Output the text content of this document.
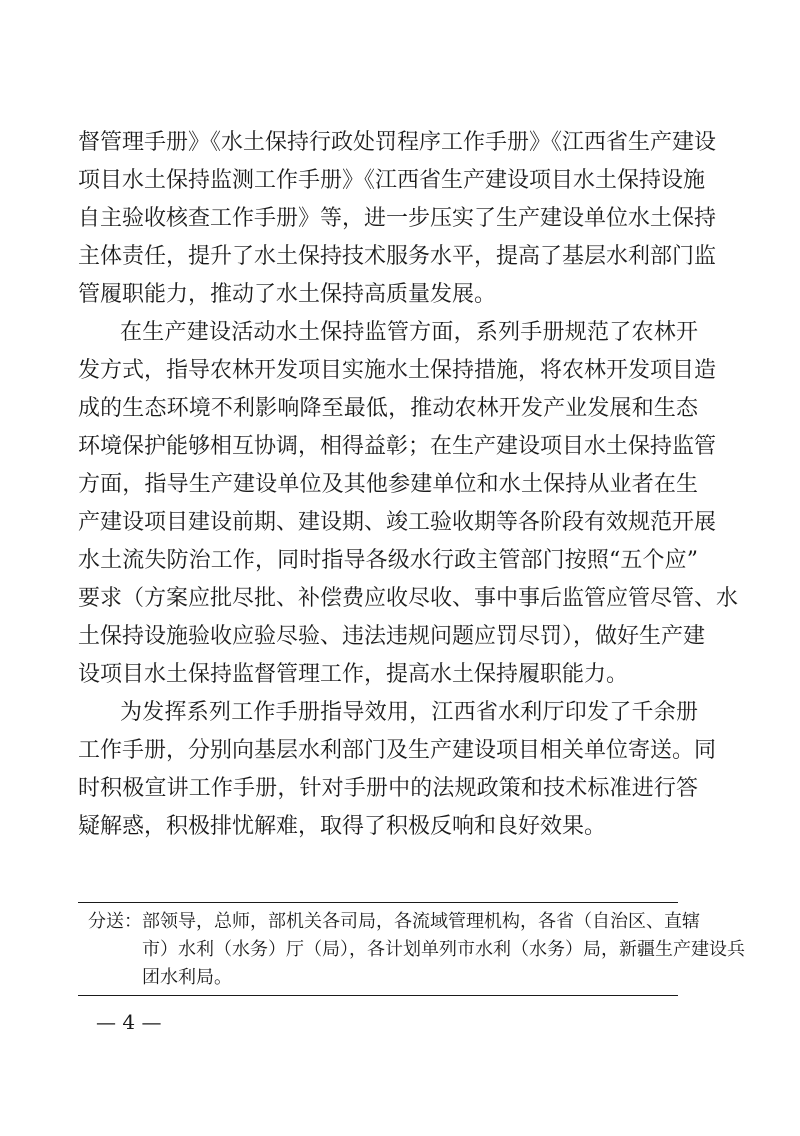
督管理手册》《水土保持行政处罚程序工作手册》《江西省生产建设
项目水土保持监测工作手册》《江西省生产建设项目水土保持设施
自主验收核查工作手册》等，进一步压实了生产建设单位水土保持
主体责任，提升了水土保持技术服务水平，提高了基层水利部门监
管履职能力，推动了水土保持高质量发展。
在生产建设活动水土保持监管方面，系列手册规范了农林开
发方式，指导农林开发项目实施水土保持措施，将农林开发项目造
成的生态环境不利影响降至最低，推动农林开发产业发展和生态
环境保护能够相互协调，相得益彰；在生产建设项目水土保持监管
方面，指导生产建设单位及其他参建单位和水土保持从业者在生
产建设项目建设前期、建设期、竣工验收期等各阶段有效规范开展
水土流失防治工作，同时指导各级水行政主管部门按照“五个应”
要求（方案应批尽批、补偿费应收尽收、事中事后监管应管尽管、水
土保持设施验收应验尽验、违法违规问题应罚尽罚），做好生产建
设项目水土保持监督管理工作，提高水土保持履职能力。
为发挥系列工作手册指导效用，江西省水利厅印发了千余册
工作手册，分别向基层水利部门及生产建设项目相关单位寄送。同
时积极宣讲工作手册，针对手册中的法规政策和技术标准进行答
疑解惑，积极排忧解难，取得了积极反响和良好效果。
分送： 部领导，总师，部机关各司局，各流域管理机构，各省（自治区、直辖
市）水利（水务）厅（局），各计划单列市水利（水务）局，新疆生产建设兵
团水利局。
— 4 —
